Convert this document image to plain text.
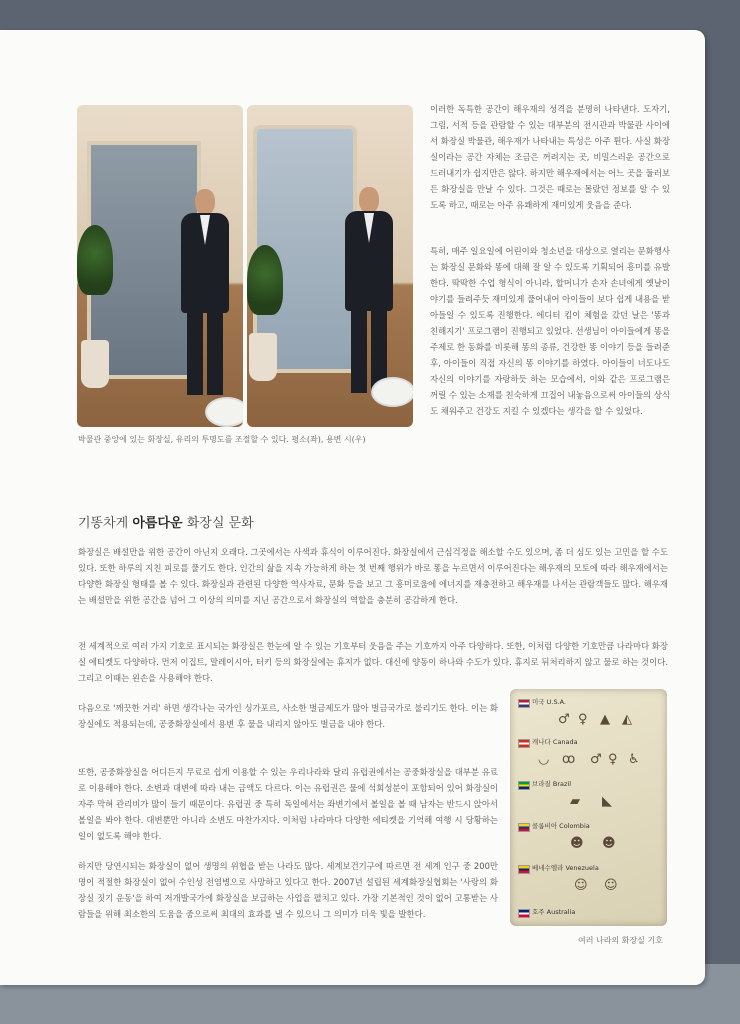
박물관 중앙에 있는 화장실, 유리의 투명도를 조절할 수 있다. 평소(좌), 용변 시(우)

이러한 독특한 공간이 해우재의 성격을 분명히 나타낸다. 도자기, 그림, 서적 등을 관람할 수 있는 대부분의 전시관과 박물관 사이에서 화장실 박물관, 해우재가 나타내는 특성은 아주 튄다. 사실 화장실이라는 공간 자체는 조금은 꺼려지는 곳, 비밀스러운 공간으로 드러내기가 쉽지만은 않다. 하지만 해우재에서는 어느 곳을 둘러보든 화장실을 만날 수 있다. 그것은 때로는 몰랐던 정보를 알 수 있도록 하고, 때로는 아주 유쾌하게 재미있게 웃음을 준다.

특히, 매주 일요일에 어린이와 청소년을 대상으로 열리는 문화행사는 화장실 문화와 똥에 대해 잘 알 수 있도록 기획되어 흥미를 유발한다. 딱딱한 수업 형식이 아니라, 할머니가 손자 손녀에게 옛날이야기를 들려주듯 재미있게 풀어내어 아이들이 보다 쉽게 내용을 받아들일 수 있도록 진행한다. 에디터 킴이 체험을 갔던 날은 '똥과 친해지기' 프로그램이 진행되고 있었다. 선생님이 아이들에게 똥을 주제로 한 동화를 비롯해 똥의 종류, 건강한 똥 이야기 등을 들려준 후, 아이들이 직접 자신의 똥 이야기를 하였다. 아이들이 너도나도 자신의 이야기를 자랑하듯 하는 모습에서, 이와 같은 프로그램은 꺼릴 수 있는 소재를 친숙하게 끄집어 내놓음으로써 아이들의 상식도 채워주고 건강도 지킬 수 있겠다는 생각을 할 수 있었다.

기똥차게 아름다운 화장실 문화

화장실은 배설만을 위한 공간이 아닌지 오래다. 그곳에서는 사색과 휴식이 이루어진다. 화장실에서 근심걱정을 해소할 수도 있으며, 좀 더 심도 있는 고민을 할 수도 있다. 또한 하루의 지친 피로를 풀기도 한다. 인간의 삶을 지속 가능하게 하는 첫 번째 행위가 바로 똥을 누르면서 이루어진다는 해우재의 모토에 따라 해우재에서는 다양한 화장실 형태를 볼 수 있다. 화장실과 관련된 다양한 역사자료, 문화 등을 보고 그 흥미로움에 에너지를 재충전하고 해우재를 나서는 관람객들도 많다. 해우재는 배설만을 위한 공간을 넘어 그 이상의 의미를 지닌 공간으로서 화장실의 역할을 충분히 공감하게 한다.

전 세계적으로 여러 가지 기호로 표시되는 화장실은 한눈에 알 수 있는 기호부터 웃음을 주는 기호까지 아주 다양하다. 또한, 이처럼 다양한 기호만큼 나라마다 화장실 에티켓도 다양하다. 먼저 이집트, 말레이시아, 터키 등의 화장실에는 휴지가 없다. 대신에 양동이 하나와 수도가 있다. 휴지로 뒤처리하지 않고 물로 하는 것이다. 그리고 이때는 왼손을 사용해야 한다.

다음으로 '깨끗한 거리' 하면 생각나는 국가인 싱가포르, 사소한 벌금제도가 많아 벌금국가로 불리기도 한다. 이는 화장실에도 적용되는데, 공중화장실에서 용변 후 물을 내리지 않아도 벌금을 내야 한다.

또한, 공중화장실을 어디든지 무료로 쉽게 이용할 수 있는 우리나라와 달리 유럽권에서는 공중화장실을 대부분 유료로 이용해야 한다. 소변과 대변에 따라 내는 금액도 다르다. 이는 유럽권은 물에 석회성분이 포함되어 있어 화장실이 자주 막혀 관리비가 많이 들기 때문이다. 유럽권 중 특히 독일에서는 좌변기에서 볼일을 볼 때 남자는 반드시 앉아서 볼일을 봐야 한다. 대변뿐만 아니라 소변도 마찬가지다. 이처럼 나라마다 다양한 에티켓을 기억해 여행 시 당황하는 일이 없도록 해야 한다.

하지만 당연시되는 화장실이 없어 생명의 위협을 받는 나라도 많다. 세계보건기구에 따르면 전 세계 인구 중 200만 명이 적절한 화장실이 없어 수인성 전염병으로 사망하고 있다고 한다. 2007년 설립된 세계화장실협회는 '사랑의 화장실 짓기 운동'을 하여 저개발국가에 화장실을 보급하는 사업을 펼치고 있다. 가장 기본적인 것이 없어 고통받는 사람들을 위해 최소한의 도움을 줌으로써 최대의 효과를 낼 수 있으니 그 의미가 더욱 빛을 발한다.

미국 U.S.A.
♂ ♀ ▲ ◭
캐나다 Canada
◡ ꝏ ♂ ♀ ♿
브라질 Brazil
▰ ◣
콜롬비아 Colombia
☻ ☻
베네수엘라 Venezuela
☺ ☺
호주 Australia
여러 나라의 화장실 기호
